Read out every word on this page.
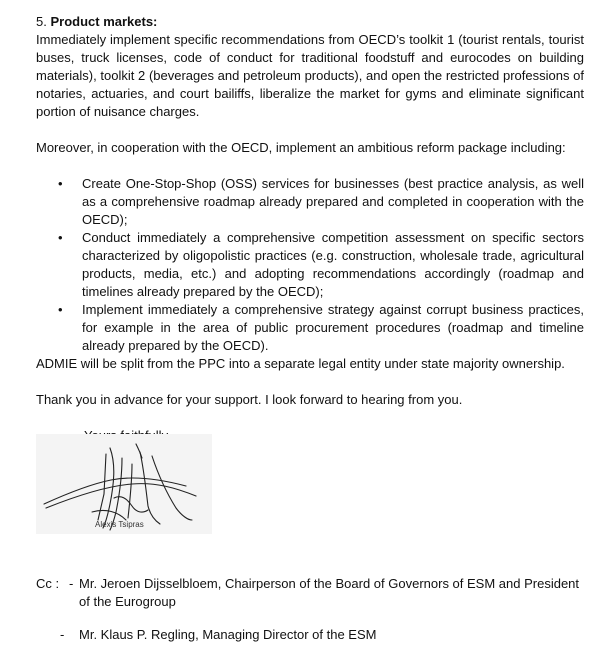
5. Product markets:
Immediately implement specific recommendations from OECD’s toolkit 1 (tourist rentals, tourist buses, truck licenses, code of conduct for traditional foodstuff and eurocodes on building materials), toolkit 2 (beverages and petroleum products), and open the restricted professions of notaries, actuaries, and court bailiffs, liberalize the market for gyms and eliminate significant portion of nuisance charges.
Moreover, in cooperation with the OECD, implement an ambitious reform package including:
• Create One-Stop-Shop (OSS) services for businesses (best practice analysis, as well as a comprehensive roadmap already prepared and completed in cooperation with the OECD);
• Conduct immediately a comprehensive competition assessment on specific sectors characterized by oligopolistic practices (e.g. construction, wholesale trade, agricultural products, media, etc.) and adopting recommendations accordingly (roadmap and timelines already prepared by the OECD);
• Implement immediately a comprehensive strategy against corrupt business practices, for example in the area of public procurement procedures (roadmap and timeline already prepared by the OECD).
ADMIE will be split from the PPC into a separate legal entity under state majority ownership.
Thank you in advance for your support. I look forward to hearing from you.
Alexis Tsipras
Cc : - Mr. Jeroen Dijsselbloem, Chairperson of the Board of Governors of ESM and President of the Eurogroup
- Mr. Klaus P. Regling, Managing Director of the ESM
